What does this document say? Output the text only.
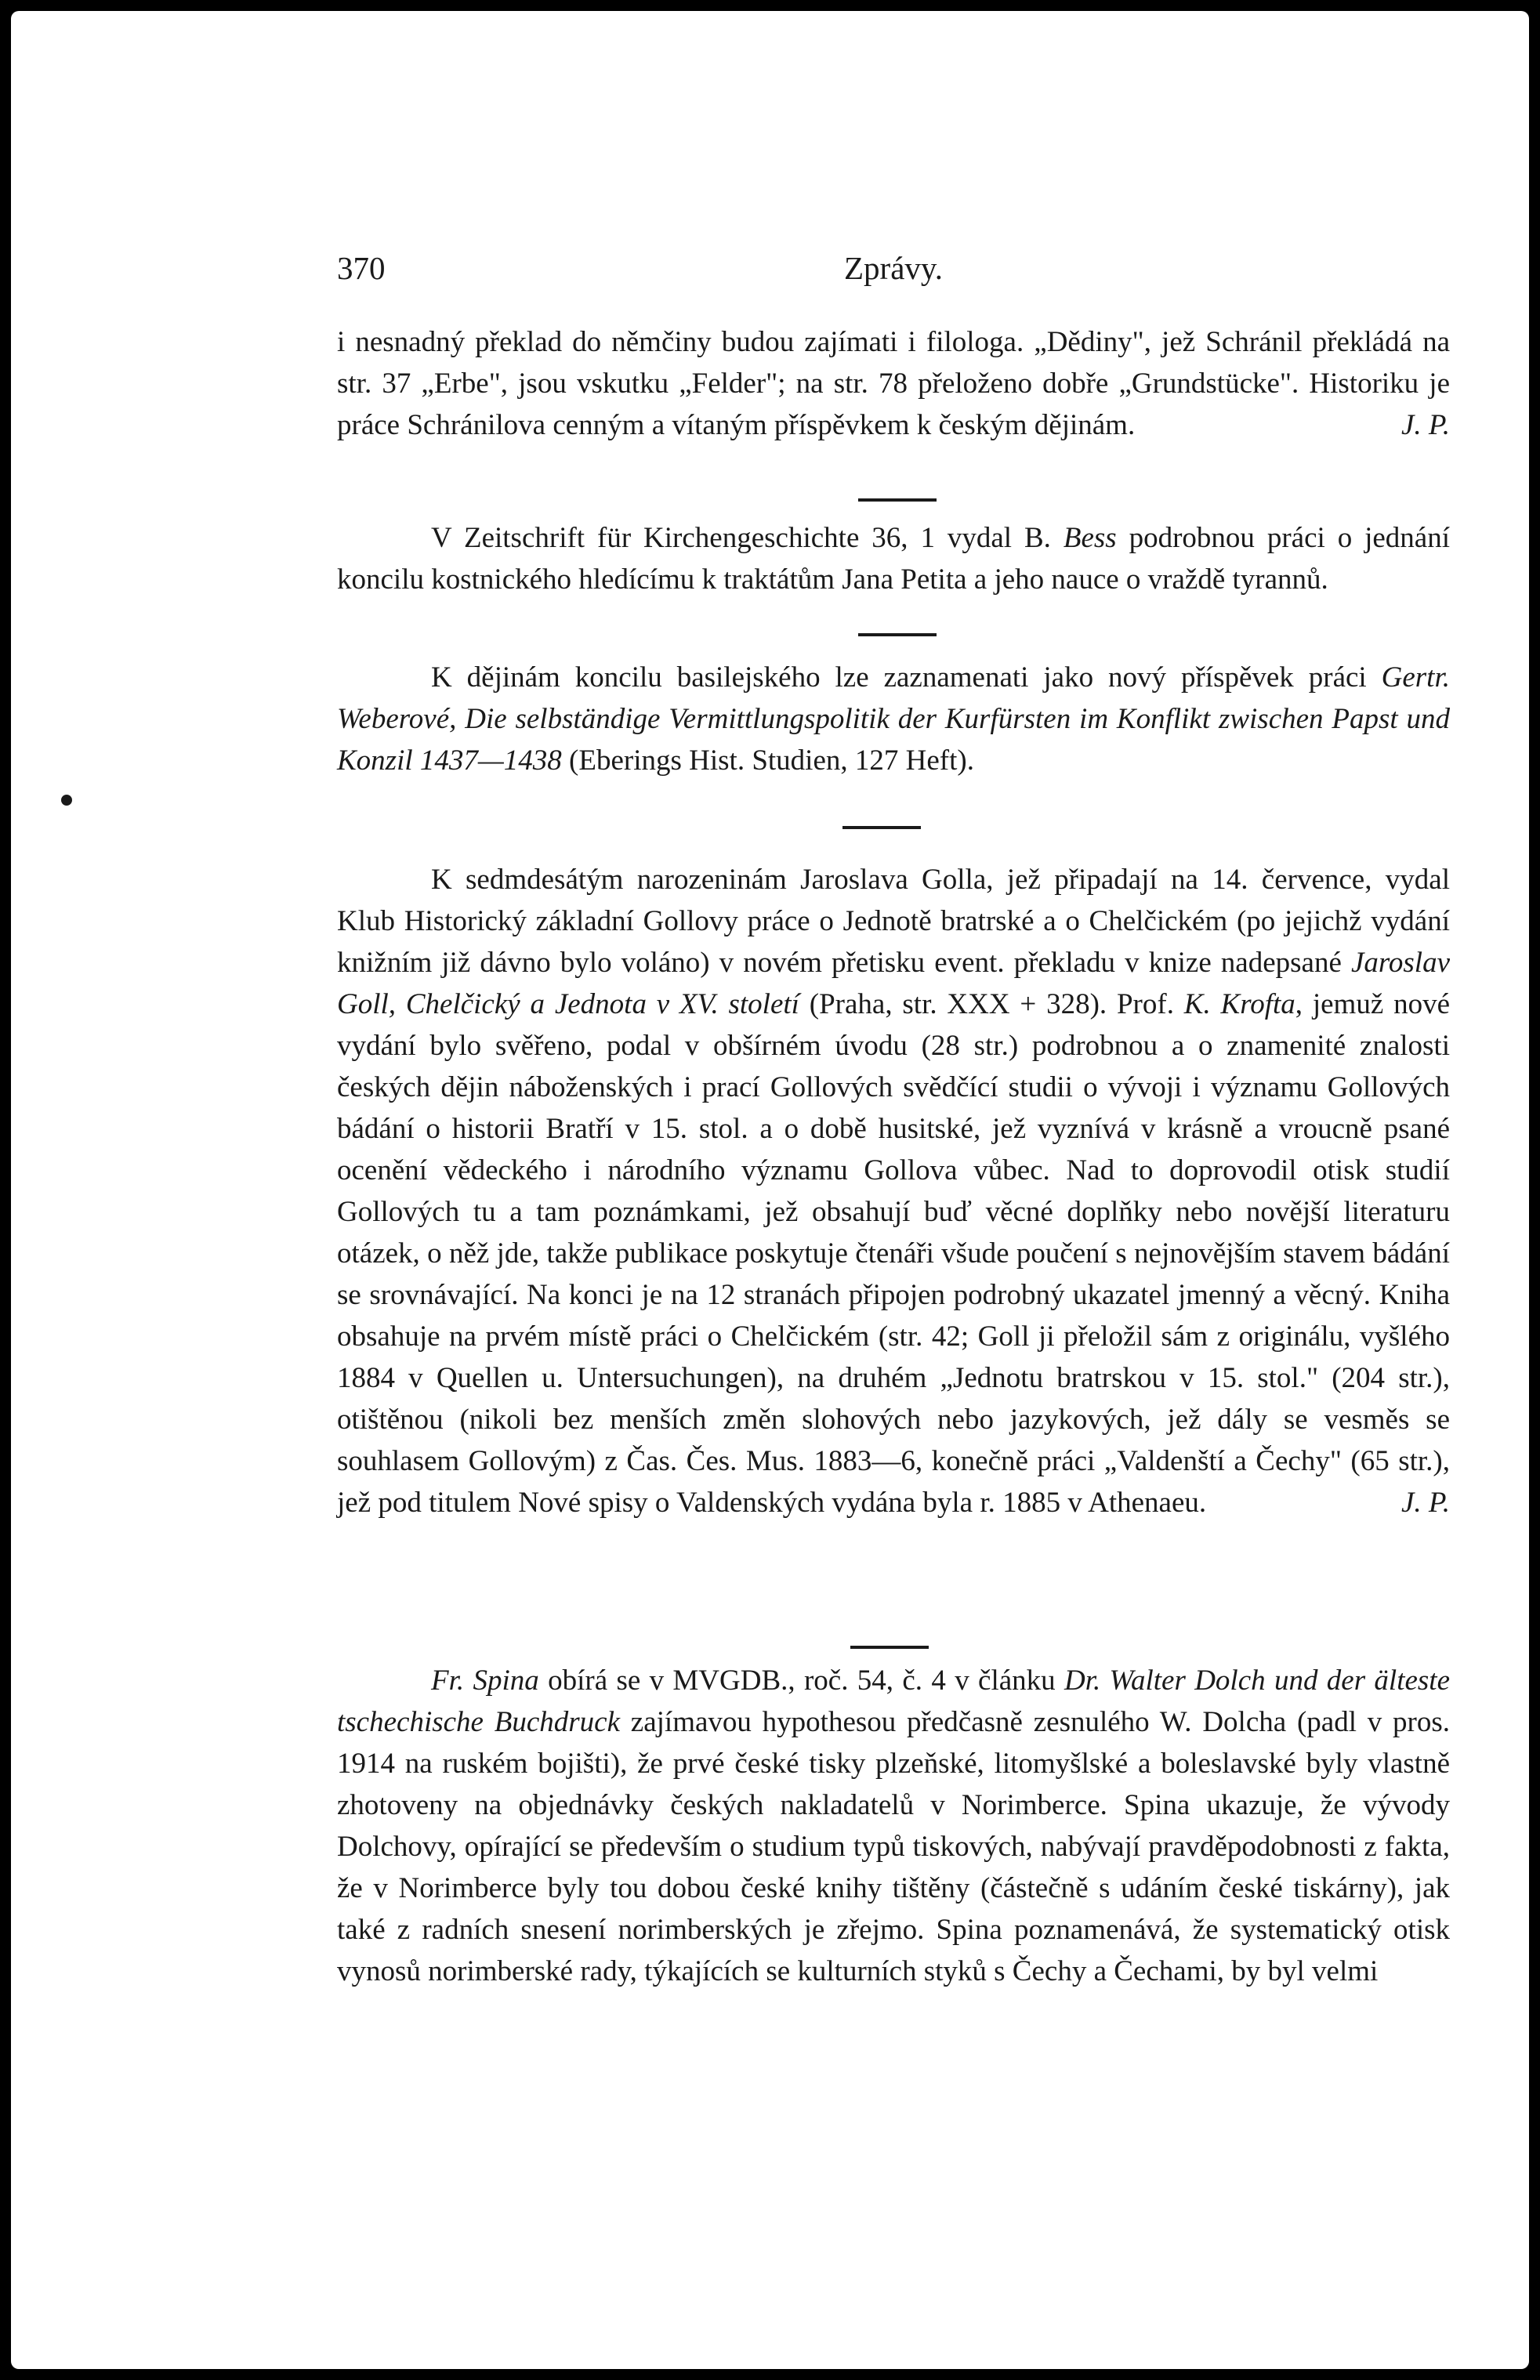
370	Zprávy.

i nesnadný překlad do němčiny budou zajímati i filologa. „Dědiny", jež Schránil překládá na str. 37 „Erbe", jsou vskutku „Felder"; na str. 78 přeloženo dobře „Grundstücke". Historiku je práce Schránilova cenným a vítaným příspěvkem k českým dějinám.	J. P.

V Zeitschrift für Kirchengeschichte 36, 1 vydal B. Bess podrobnou práci o jednání koncilu kostnického hledícímu k traktátům Jana Petita a jeho nauce o vraždě tyrannů.

K dějinám koncilu basilejského lze zaznamenati jako nový příspěvek práci Gertr. Weberové, Die selbständige Vermittlungspolitik der Kurfürsten im Konflikt zwischen Papst und Konzil 1437—1438 (Eberings Hist. Studien, 127 Heft).

K sedmdesátým narozeninám Jaroslava Golla, jež připadají na 14. července, vydal Klub Historický základní Gollovy práce o Jednotě bratrské a o Chelčickém (po jejichž vydání knižním již dávno bylo voláno) v novém přetisku event. překladu v knize nadepsané Jaroslav Goll, Chelčický a Jednota v XV. století (Praha, str. XXX + 328). Prof. K. Krofta, jemuž nové vydání bylo svěřeno, podal v obšírném úvodu (28 str.) podrobnou a o znamenité znalosti českých dějin náboženských i prací Gollových svědčící studii o vývoji i významu Gollových bádání o historii Bratří v 15. stol. a o době husitské, jež vyznívá v krásně a vroucně psané ocenění vědeckého i národního významu Gollova vůbec. Nad to doprovodil otisk studií Gollových tu a tam poznámkami, jež obsahují buď věcné doplňky nebo novější literaturu otázek, o něž jde, takže publikace poskytuje čtenáři všude poučení s nejnovějším stavem bádání se srovnávající. Na konci je na 12 stranách připojen podrobný ukazatel jmenný a věcný. Kniha obsahuje na prvém místě práci o Chelčickém (str. 42; Goll ji přeložil sám z originálu, vyšlého 1884 v Quellen u. Untersuchungen), na druhém „Jednotu bratrskou v 15. stol." (204 str.), otištěnou (nikoli bez menších změn slohových nebo jazykových, jež dály se vesměs se souhlasem Gollovým) z Čas. Čes. Mus. 1883—6, konečně práci „Valdenští a Čechy" (65 str.), jež pod titulem Nové spisy o Valdenských vydána byla r. 1885 v Athenaeu.	J. P.

Fr. Spina obírá se v MVGDB., roč. 54, č. 4 v článku Dr. Walter Dolch und der älteste tschechische Buchdruck zajímavou hypothesou předčasně zesnulého W. Dolcha (padl v pros. 1914 na ruském bojišti), že prvé české tisky plzeňské, litomyšlské a boleslavské byly vlastně zhotoveny na objednávky českých nakladatelů v Norimberce. Spina ukazuje, že vývody Dolchovy, opírající se především o studium typů tiskových, nabývají pravděpodobnosti z fakta, že v Norimberce byly tou dobou české knihy tištěny (částečně s udáním české tiskárny), jak také z radních snesení norimberských je zřejmo. Spina poznamenává, že systematický otisk vynosů norimberské rady, týkajících se kulturních styků s Čechy a Čechami, by byl velmi
